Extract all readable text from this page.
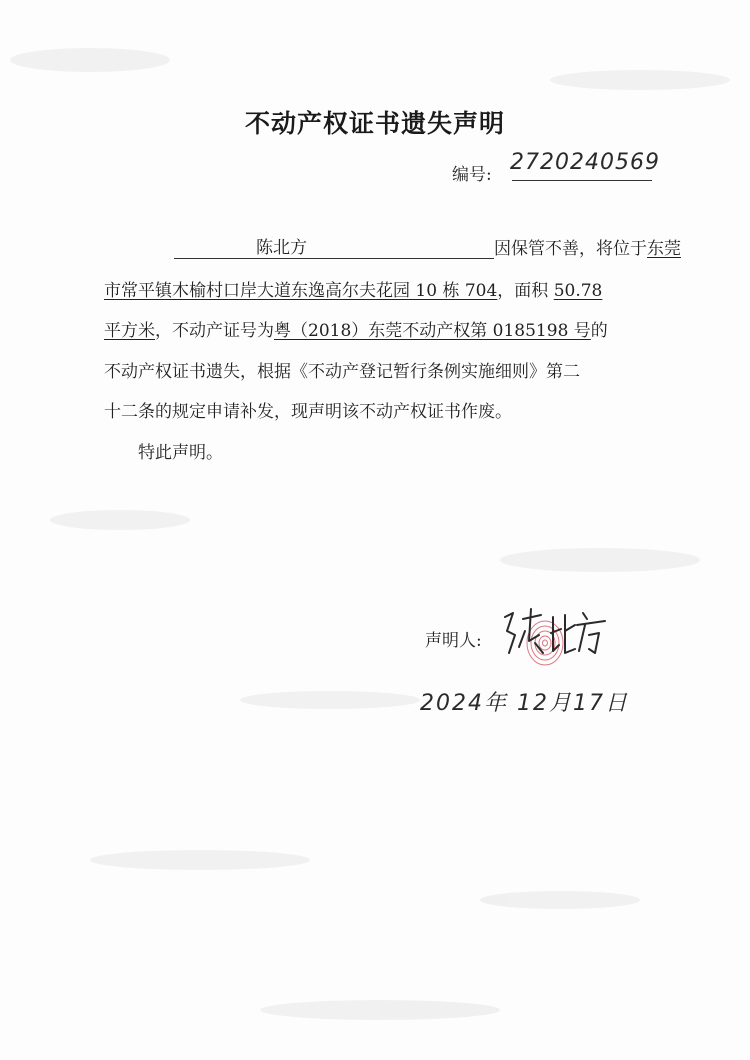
不动产权证书遗失声明
编号: 2720240569
陈北方	因保管不善，将位于东莞
市常平镇木榆村口岸大道东逸高尔夫花园 10 栋 704，面积 50.78
平方米，不动产证号为粤（2018）东莞不动产权第 0185198 号的
不动产权证书遗失，根据《不动产登记暂行条例实施细则》第二
十二条的规定申请补发，现声明该不动产权证书作废。
特此声明。
声明人:
2024年 12月17日
